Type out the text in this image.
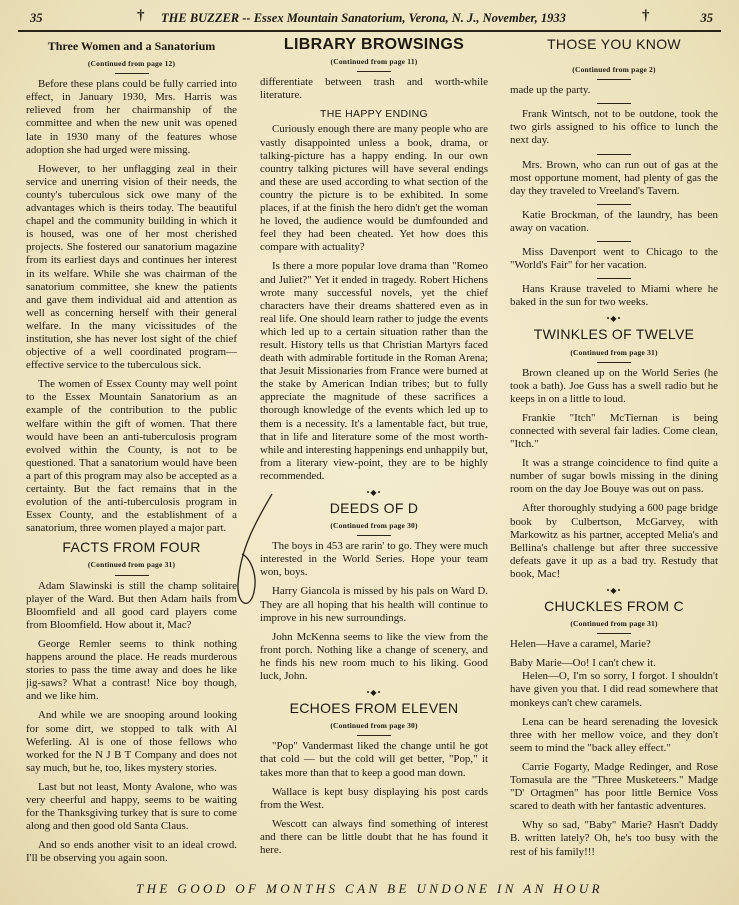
35	† THE BUZZER -- Essex Mountain Sanatorium, Verona, N. J., November, 1933	†	35
Three Women and a Sanatorium
(Continued from page 12)

Before these plans could be fully carried into effect, in January 1930, Mrs. Harris was relieved from her chairmanship of the committee and when the new unit was opened late in 1930 many of the features whose adoption she had urged were missing.

However, to her unflagging zeal in their service and unerring vision of their needs, the county's tuberculous sick owe many of the advantages which is theirs today. The beautiful chapel and the community building in which it is housed, was one of her most cherished projects. She fostered our sanatorium magazine from its earliest days and continues her interest in its welfare. While she was chairman of the sanatorium committee, she knew the patients and gave them individual aid and attention as well as concerning herself with their general welfare. In the many vicissitudes of the institution, she has never lost sight of the chief objective of a well coordinated program—effective service to the tuberculous sick.

The women of Essex County may well point to the Essex Mountain Sanatorium as an example of the contribution to the public welfare within the gift of women. That there would have been an anti-tuberculosis program evolved within the County, is not to be questioned. That a sanatorium would have been a part of this program may also be accepted as a certainty. But the fact remains that in the evolution of the anti-tuberculosis program in Essex County, and the establishment of a sanatorium, three women played a major part.

FACTS FROM FOUR
(Continued from page 31)

Adam Slawinski is still the champ solitaire player of the Ward. But then Adam hails from Bloomfield and all good card players come from Bloomfield. How about it, Mac?

George Remler seems to think nothing happens around the place. He reads murderous stories to pass the time away and does he like jig-saws? What a contrast! Nice boy though, and we like him.

And while we are snooping around looking for some dirt, we stopped to talk with Al Weferling. Al is one of those fellows who worked for the N J B T Company and does not say much, but he, too, likes mystery stories.

Last but not least, Monty Avalone, who was very cheerful and happy, seems to be waiting for the Thanksgiving turkey that is sure to come along and then good old Santa Claus.

And so ends another visit to an ideal crowd. I'll be observing you again soon.

LIBRARY BROWSINGS
(Continued from page 11)

differentiate between trash and worth-while literature.

THE HAPPY ENDING

Curiously enough there are many people who are vastly disappointed unless a book, drama, or talking-picture has a happy ending. In our own country talking pictures will have several endings and these are used according to what section of the country the picture is to be exhibited. In some places, if at the finish the hero didn't get the woman he loved, the audience would be dumfounded and feel they had been cheated. Yet how does this compare with actuality?

Is there a more popular love drama than "Romeo and Juliet?" Yet it ended in tragedy. Robert Hichens wrote many successful novels, yet the chief characters have their dreams shattered even as in real life. One should learn rather to judge the events which led up to a certain situation rather than the result. History tells us that Christian Martyrs faced death with admirable fortitude in the Roman Arena; that Jesuit Missionaries from France were burned at the stake by American Indian tribes; but to fully appreciate the magnitude of these sacrifices a thorough knowledge of the events which led up to them is a necessity. It's a lamentable fact, but true, that in life and literature some of the most worth-while and interesting happenings end unhappily but, from a literary view-point, they are to be highly recommended.

•◆•
DEEDS OF D
(Continued from page 30)

The boys in 453 are rarin' to go. They were much interested in the World Series. Hope your team won, boys.

Harry Giancola is missed by his pals on Ward D. They are all hoping that his health will continue to improve in his new surroundings.

John McKenna seems to like the view from the front porch. Nothing like a change of scenery, and he finds his new room much to his liking. Good luck, John.

•◆•
ECHOES FROM ELEVEN
(Continued from page 30)

"Pop" Vandermast liked the change until he got that cold — but the cold will get better, "Pop," it takes more than that to keep a good man down.

Wallace is kept busy displaying his post cards from the West.

Wescott can always find something of interest and there can be little doubt that he has found it here.

THOSE YOU KNOW
(Continued from page 2)

made up the party.

Frank Wintsch, not to be outdone, took the two girls assigned to his office to lunch the next day.

Mrs. Brown, who can run out of gas at the most opportune moment, had plenty of gas the day they traveled to Vreeland's Tavern.

Katie Brockman, of the laundry, has been away on vacation.

Miss Davenport went to Chicago to the "World's Fair" for her vacation.

Hans Krause traveled to Miami where he baked in the sun for two weeks.

•◆•
TWINKLES OF TWELVE
(Continued from page 31)

Brown cleaned up on the World Series (he took a bath). Joe Guss has a swell radio but he keeps in on a little to loud.

Frankie "Itch" McTiernan is being connected with several fair ladies. Come clean, "Itch."

It was a strange coincidence to find quite a number of sugar bowls missing in the dining room on the day Joe Bouye was out on pass.

After thoroughly studying a 600 page bridge book by Culbertson, McGarvey, with Markowitz as his partner, accepted Melia's and Bellina's challenge but after three successive defeats gave it up as a bad try. Restudy that book, Mac!

•◆•
CHUCKLES FROM C
(Continued from page 31)

Helen—Have a caramel, Marie?

Baby Marie—Oo! I can't chew it.

Helen—O, I'm so sorry, I forgot. I shouldn't have given you that. I did read somewhere that monkeys can't chew caramels.

Lena can be heard serenading the lovesick three with her mellow voice, and they don't seem to mind the "back alley effect."

Carrie Fogarty, Madge Redinger, and Rose Tomasula are the "Three Musketeers." Madge "D' Ortagmen" has poor little Bernice Voss scared to death with her fantastic adventures.

Why so sad, "Baby" Marie? Hasn't Daddy B. written lately? Oh, he's too busy with the rest of his family!!!

THE GOOD OF MONTHS CAN BE UNDONE IN AN HOUR
